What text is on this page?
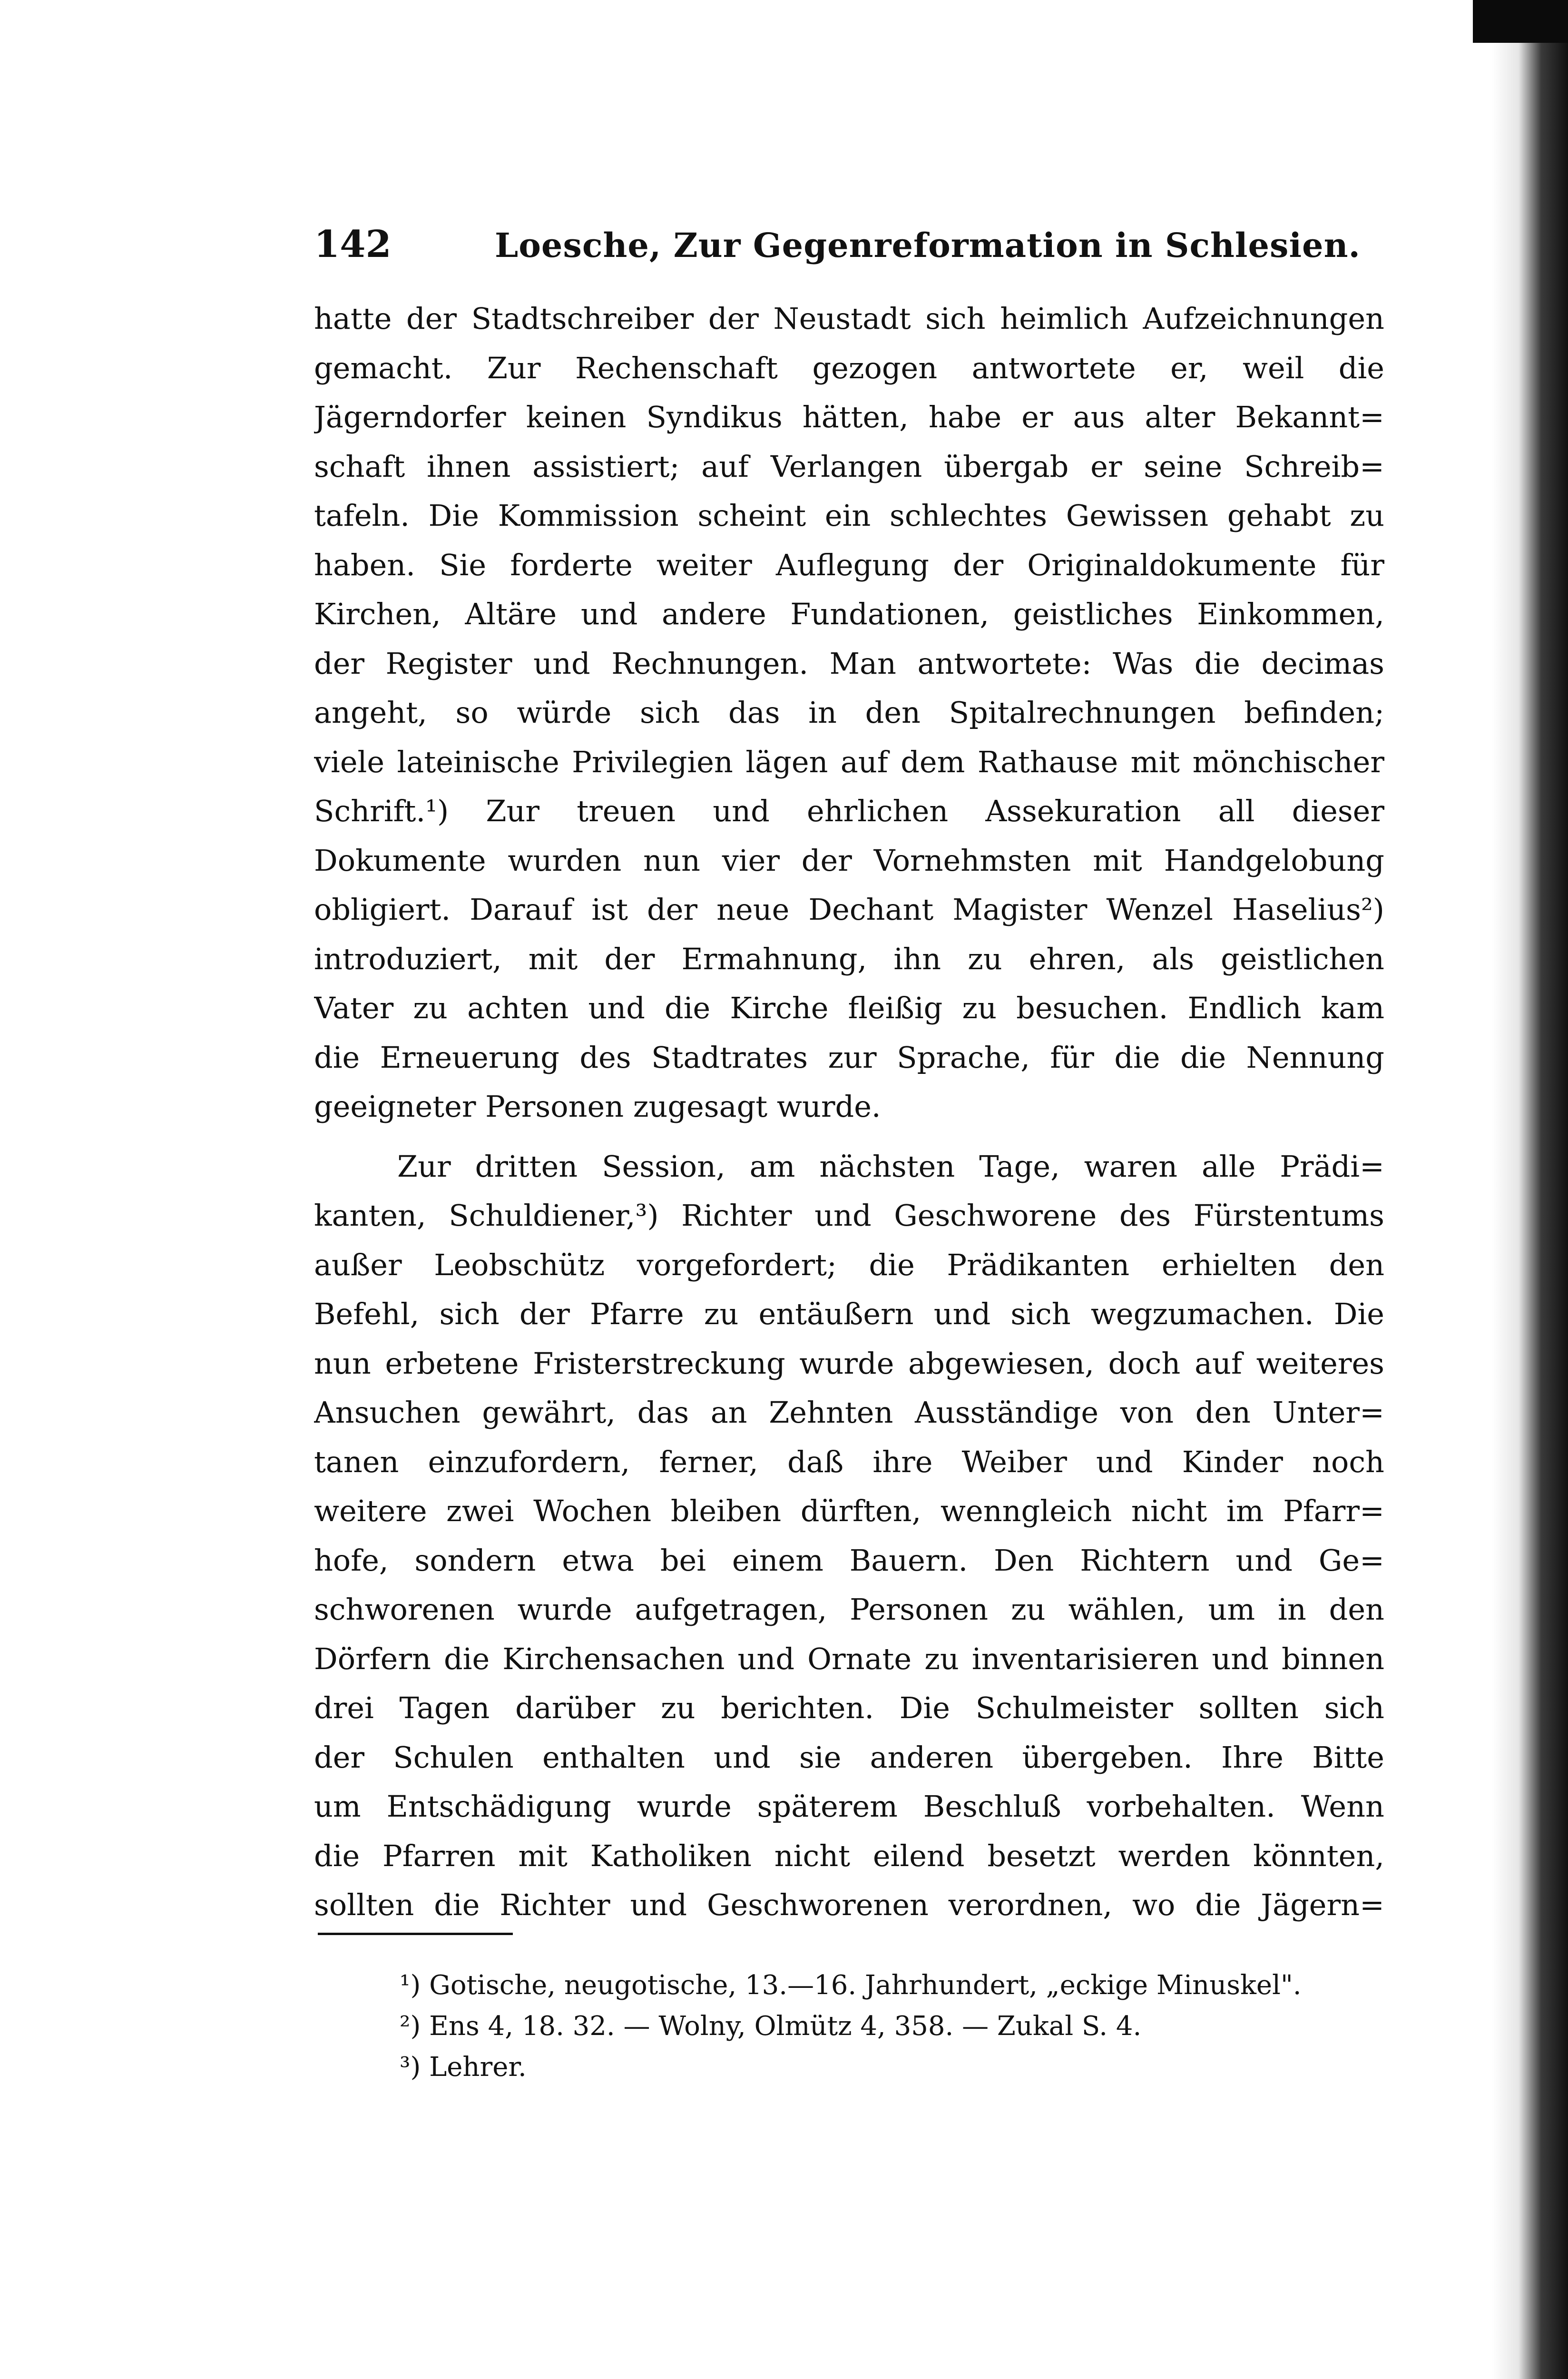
142	Loesche, Zur Gegenreformation in Schlesien.
hatte der Stadtschreiber der Neustadt sich heimlich Aufzeichnungen
gemacht. Zur Rechenschaft gezogen antwortete er, weil die
Jägerndorfer keinen Syndikus hätten, habe er aus alter Bekannt=
schaft ihnen assistiert; auf Verlangen übergab er seine Schreib=
tafeln. Die Kommission scheint ein schlechtes Gewissen gehabt zu
haben. Sie forderte weiter Auflegung der Originaldokumente für
Kirchen, Altäre und andere Fundationen, geistliches Einkommen,
der Register und Rechnungen. Man antwortete: Was die decimas
angeht, so würde sich das in den Spitalrechnungen befinden;
viele lateinische Privilegien lägen auf dem Rathause mit mönchischer
Schrift.¹) Zur treuen und ehrlichen Assekuration all dieser
Dokumente wurden nun vier der Vornehmsten mit Handgelobung
obligiert. Darauf ist der neue Dechant Magister Wenzel Haselius²)
introduziert, mit der Ermahnung, ihn zu ehren, als geistlichen
Vater zu achten und die Kirche fleißig zu besuchen. Endlich kam
die Erneuerung des Stadtrates zur Sprache, für die die Nennung
geeigneter Personen zugesagt wurde.
Zur dritten Session, am nächsten Tage, waren alle Prädi=
kanten, Schuldiener,³) Richter und Geschworene des Fürstentums
außer Leobschütz vorgefordert; die Prädikanten erhielten den
Befehl, sich der Pfarre zu entäußern und sich wegzumachen. Die
nun erbetene Fristerstreckung wurde abgewiesen, doch auf weiteres
Ansuchen gewährt, das an Zehnten Ausständige von den Unter=
tanen einzufordern, ferner, daß ihre Weiber und Kinder noch
weitere zwei Wochen bleiben dürften, wenngleich nicht im Pfarr=
hofe, sondern etwa bei einem Bauern. Den Richtern und Ge=
schworenen wurde aufgetragen, Personen zu wählen, um in den
Dörfern die Kirchensachen und Ornate zu inventarisieren und binnen
drei Tagen darüber zu berichten. Die Schulmeister sollten sich
der Schulen enthalten und sie anderen übergeben. Ihre Bitte
um Entschädigung wurde späterem Beschluß vorbehalten. Wenn
die Pfarren mit Katholiken nicht eilend besetzt werden könnten,
sollten die Richter und Geschworenen verordnen, wo die Jägern=
¹) Gotische, neugotische, 13.—16. Jahrhundert, „eckige Minuskel".
²) Ens 4, 18. 32. — Wolny, Olmütz 4, 358. — Zukal S. 4.
³) Lehrer.
